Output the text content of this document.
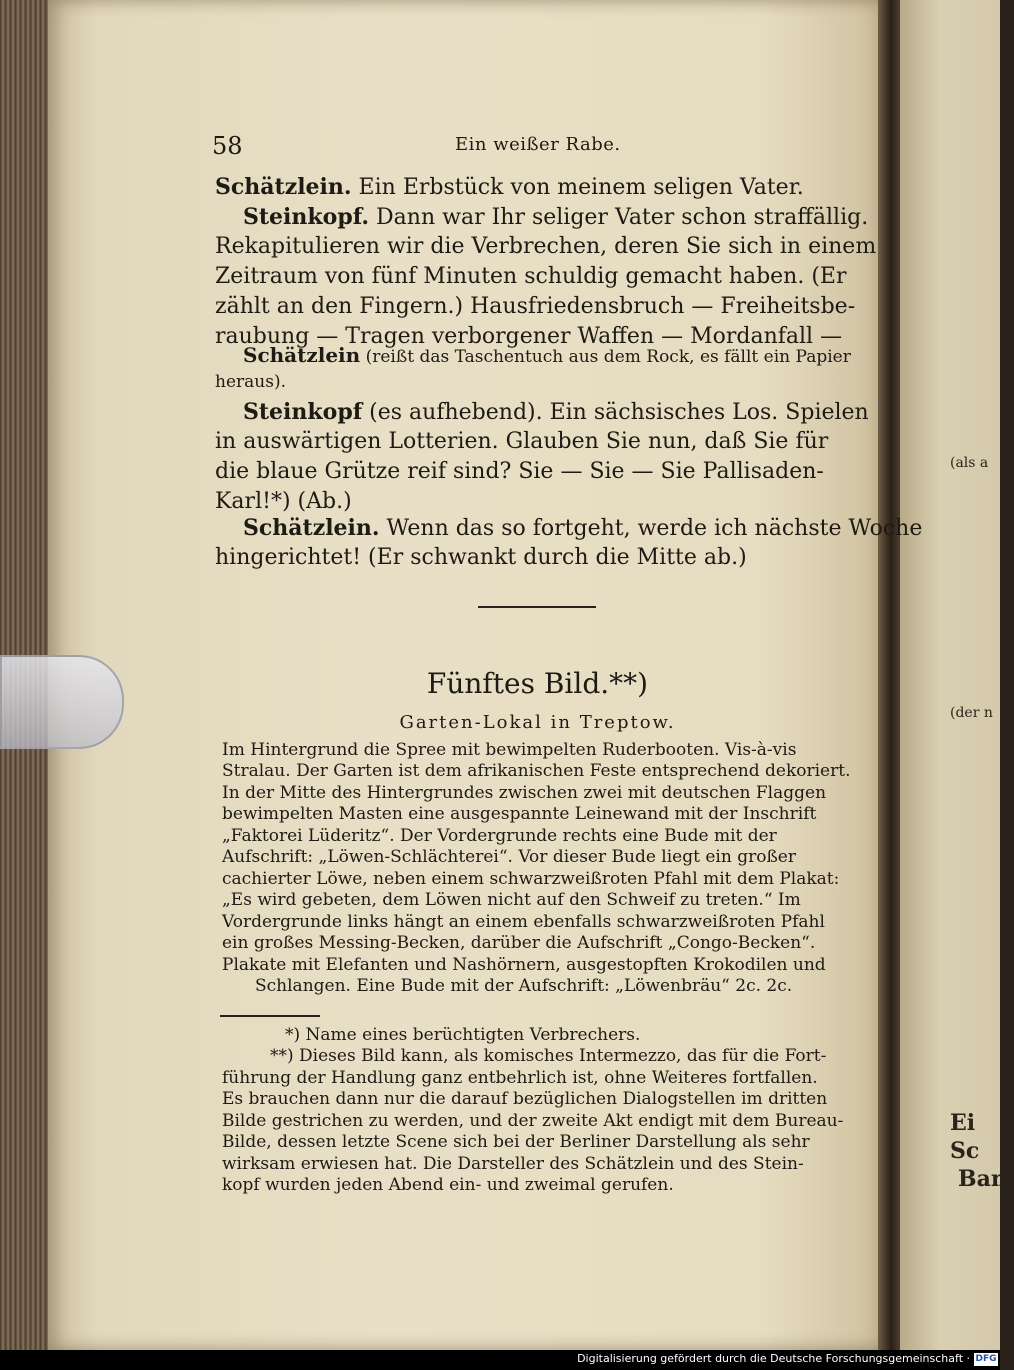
(als a
(der n
Ei
Sc
Bam
58	Ein weißer Rabe.
Schätzlein. Ein Erbstück von meinem seligen Vater.
Steinkopf. Dann war Ihr seliger Vater schon straffällig.
Rekapitulieren wir die Verbrechen, deren Sie sich in einem
Zeitraum von fünf Minuten schuldig gemacht haben. (Er
zählt an den Fingern.) Hausfriedensbruch — Freiheitsbe-
raubung — Tragen verborgener Waffen — Mordanfall —
Schätzlein (reißt das Taschentuch aus dem Rock, es fällt ein Papier
heraus).
Steinkopf (es aufhebend). Ein sächsisches Los. Spielen
in auswärtigen Lotterien. Glauben Sie nun, daß Sie für
die blaue Grütze reif sind? Sie — Sie — Sie Pallisaden-
Karl!*) (Ab.)
Schätzlein. Wenn das so fortgeht, werde ich nächste Woche
hingerichtet! (Er schwankt durch die Mitte ab.)
Fünftes Bild.**)
Garten-Lokal in Treptow.
Im Hintergrund die Spree mit bewimpelten Ruderbooten. Vis-à-vis
Stralau. Der Garten ist dem afrikanischen Feste entsprechend dekoriert.
In der Mitte des Hintergrundes zwischen zwei mit deutschen Flaggen
bewimpelten Masten eine ausgespannte Leinewand mit der Inschrift
„Faktorei Lüderitz“. Der Vordergrunde rechts eine Bude mit der
Aufschrift: „Löwen-Schlächterei“. Vor dieser Bude liegt ein großer
cachierter Löwe, neben einem schwarzweißroten Pfahl mit dem Plakat:
„Es wird gebeten, dem Löwen nicht auf den Schweif zu treten.“ Im
Vordergrunde links hängt an einem ebenfalls schwarzweißroten Pfahl
ein großes Messing-Becken, darüber die Aufschrift „Congo-Becken“.
Plakate mit Elefanten und Nashörnern, ausgestopften Krokodilen und
Schlangen. Eine Bude mit der Aufschrift: „Löwenbräu“ 2c. 2c.
*) Name eines berüchtigten Verbrechers.
**) Dieses Bild kann, als komisches Intermezzo, das für die Fort-
führung der Handlung ganz entbehrlich ist, ohne Weiteres fortfallen.
Es brauchen dann nur die darauf bezüglichen Dialogstellen im dritten
Bilde gestrichen zu werden, und der zweite Akt endigt mit dem Bureau-
Bilde, dessen letzte Scene sich bei der Berliner Darstellung als sehr
wirksam erwiesen hat. Die Darsteller des Schätzlein und des Stein-
kopf wurden jeden Abend ein- und zweimal gerufen.
Digitalisierung gefördert durch die Deutsche Forschungsgemeinschaft · DFG
